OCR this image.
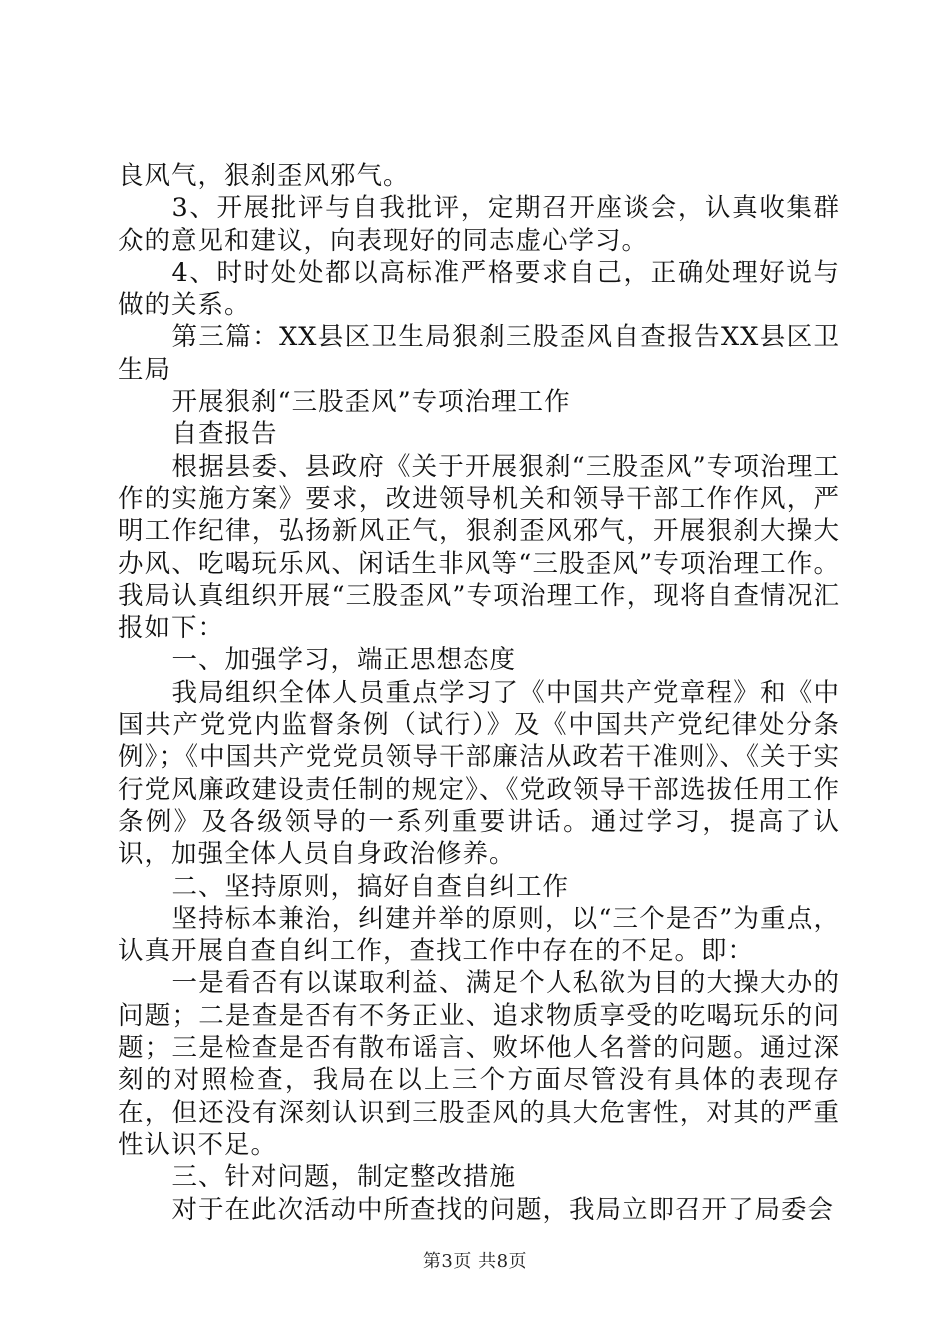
良风气，狠刹歪风邪气。

3、开展批评与自我批评，定期召开座谈会，认真收集群众的意见和建议，向表现好的同志虚心学习。

4、时时处处都以高标准严格要求自己，正确处理好说与做的关系。

第三篇：XX县区卫生局狠刹三股歪风自查报告XX县区卫生局

开展狠刹“三股歪风”专项治理工作

自查报告

根据县委、县政府《关于开展狠刹“三股歪风”专项治理工作的实施方案》要求，改进领导机关和领导干部工作作风，严明工作纪律，弘扬新风正气，狠刹歪风邪气，开展狠刹大操大办风、吃喝玩乐风、闲话生非风等“三股歪风”专项治理工作。我局认真组织开展“三股歪风”专项治理工作，现将自查情况汇报如下：

一、加强学习，端正思想态度

我局组织全体人员重点学习了《中国共产党章程》和《中国共产党党内监督条例（试行）》及《中国共产党纪律处分条例》；《中国共产党党员领导干部廉洁从政若干准则》、《关于实行党风廉政建设责任制的规定》、《党政领导干部选拔任用工作条例》及各级领导的一系列重要讲话。通过学习，提高了认识，加强全体人员自身政治修养。

二、坚持原则，搞好自查自纠工作

坚持标本兼治，纠建并举的原则，以“三个是否”为重点，认真开展自查自纠工作，查找工作中存在的不足。即：

一是看否有以谋取利益、满足个人私欲为目的大操大办的问题；二是查是否有不务正业、追求物质享受的吃喝玩乐的问题；三是检查是否有散布谣言、败坏他人名誉的问题。通过深刻的对照检查，我局在以上三个方面尽管没有具体的表现存在，但还没有深刻认识到三股歪风的具大危害性，对其的严重性认识不足。

三、针对问题，制定整改措施

对于在此次活动中所查找的问题，我局立即召开了局委会

第3页 共8页
